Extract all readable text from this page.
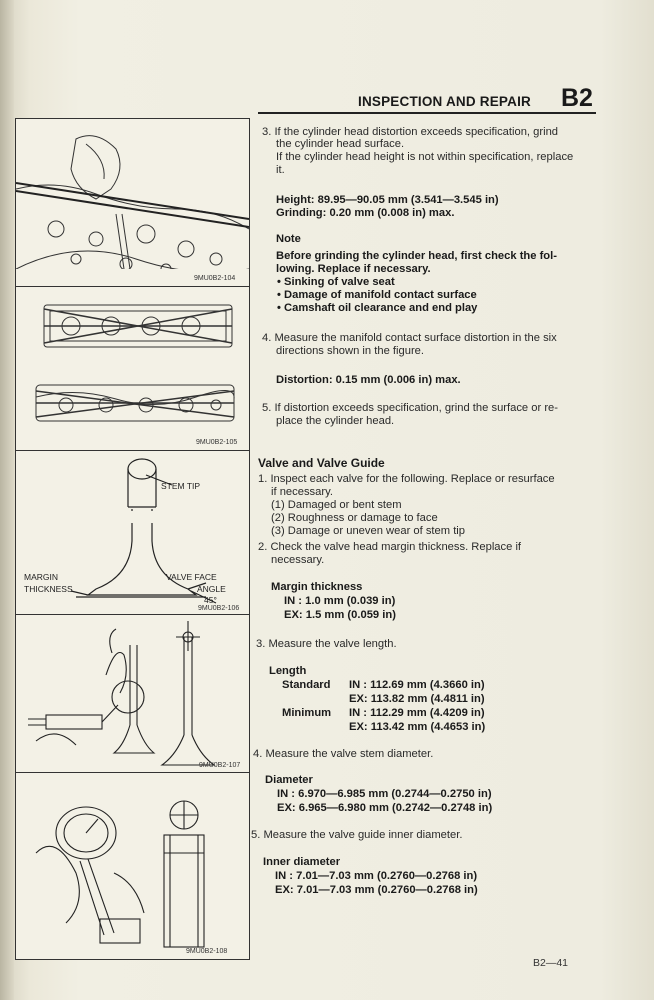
INSPECTION AND REPAIR B2
9MU0B2-104
9MU0B2-105
STEM TIP
MARGIN
THICKNESS
VALVE FACE
ANGLE
45°
9MU0B2-106
9MU0B2-107
9MU0B2-108
3. If the cylinder head distortion exceeds specification, grind
the cylinder head surface.
If the cylinder head height is not within specification, replace
it.
Height: 89.95—90.05 mm (3.541—3.545 in)
Grinding: 0.20 mm (0.008 in) max.
Note
Before grinding the cylinder head, first check the fol-
lowing. Replace if necessary.
• Sinking of valve seat
• Damage of manifold contact surface
• Camshaft oil clearance and end play
4. Measure the manifold contact surface distortion in the six
directions shown in the figure.
Distortion: 0.15 mm (0.006 in) max.
5. If distortion exceeds specification, grind the surface or re-
place the cylinder head.
Valve and Valve Guide
1. Inspect each valve for the following. Replace or resurface
if necessary.
(1) Damaged or bent stem
(2) Roughness or damage to face
(3) Damage or uneven wear of stem tip
2. Check the valve head margin thickness. Replace if
necessary.
Margin thickness
IN : 1.0 mm (0.039 in)
EX: 1.5 mm (0.059 in)
3. Measure the valve length.
Length
Standard IN : 112.69 mm (4.3660 in)
EX: 113.82 mm (4.4811 in)
Minimum IN : 112.29 mm (4.4209 in)
EX: 113.42 mm (4.4653 in)
4. Measure the valve stem diameter.
Diameter
IN : 6.970—6.985 mm (0.2744—0.2750 in)
EX: 6.965—6.980 mm (0.2742—0.2748 in)
5. Measure the valve guide inner diameter.
Inner diameter
IN : 7.01—7.03 mm (0.2760—0.2768 in)
EX: 7.01—7.03 mm (0.2760—0.2768 in)
B2—41
